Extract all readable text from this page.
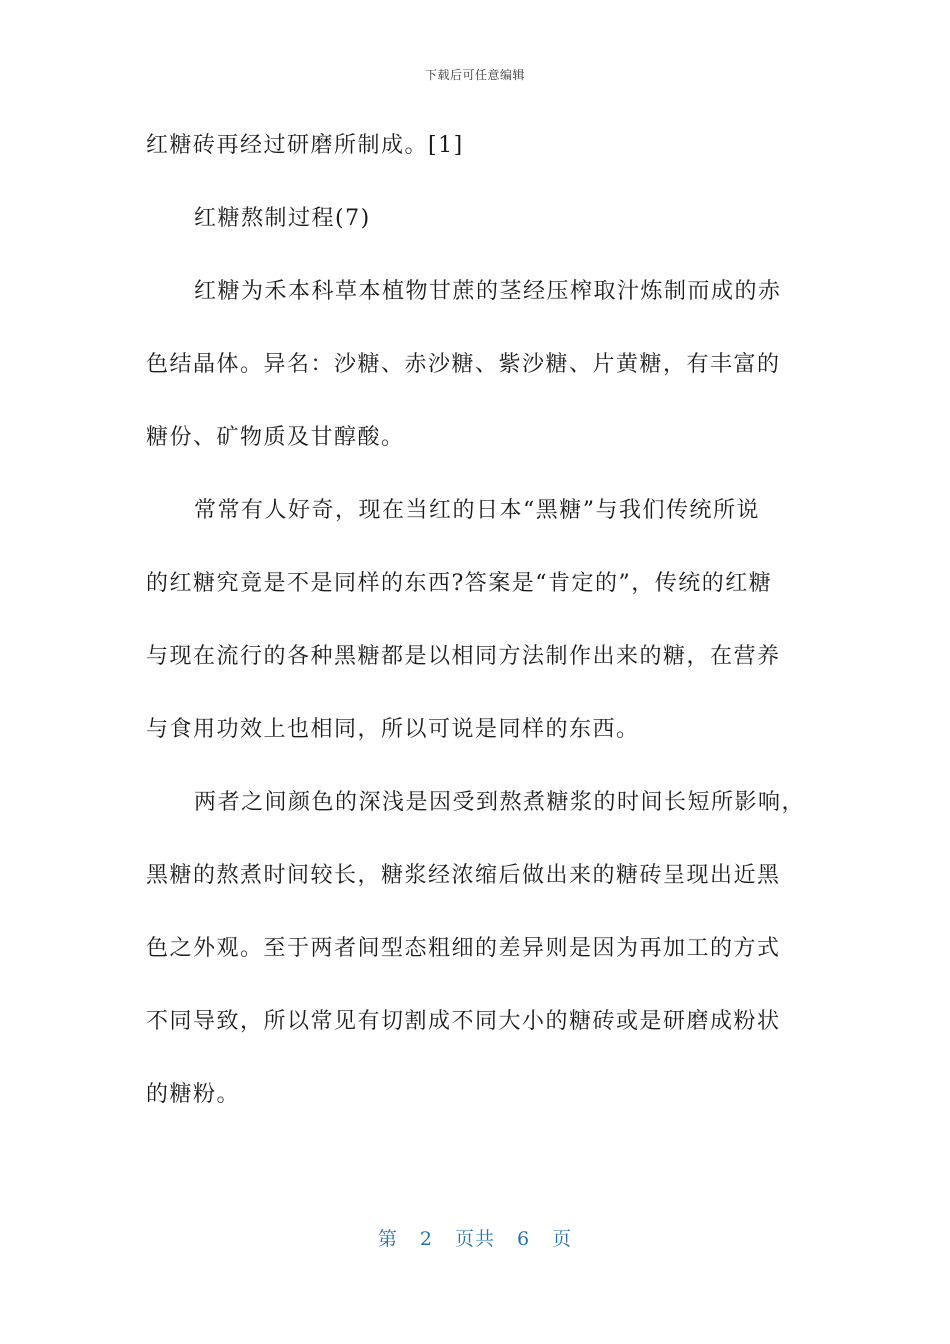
下载后可任意编辑
红糖砖再经过研磨所制成。[1]
红糖熬制过程(7)
红糖为禾本科草本植物甘蔗的茎经压榨取汁炼制而成的赤
色结晶体。异名：沙糖、赤沙糖、紫沙糖、片黄糖，有丰富的
糖份、矿物质及甘醇酸。
常常有人好奇，现在当红的日本“黑糖”与我们传统所说
的红糖究竟是不是同样的东西?答案是“肯定的”，传统的红糖
与现在流行的各种黑糖都是以相同方法制作出来的糖，在营养
与食用功效上也相同，所以可说是同样的东西。
两者之间颜色的深浅是因受到熬煮糖浆的时间长短所影响，
黑糖的熬煮时间较长，糖浆经浓缩后做出来的糖砖呈现出近黑
色之外观。至于两者间型态粗细的差异则是因为再加工的方式
不同导致，所以常见有切割成不同大小的糖砖或是研磨成粉状
的糖粉。
第 2 页共 6 页
